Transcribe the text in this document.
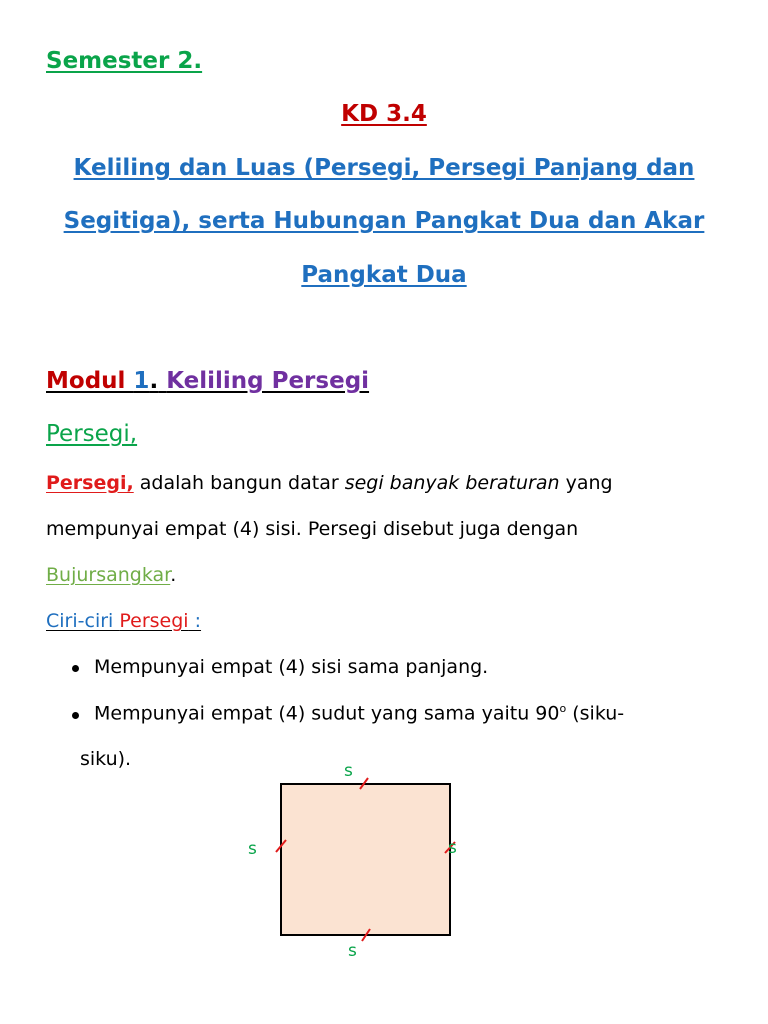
Semester 2.
KD 3.4
Keliling dan Luas (Persegi, Persegi Panjang dan
Segitiga), serta Hubungan Pangkat Dua dan Akar
Pangkat Dua
Modul 1. Keliling Persegi
Persegi,
Persegi, adalah bangun datar segi banyak beraturan yang
mempunyai empat (4) sisi. Persegi disebut juga dengan
Bujursangkar.
Ciri-ciri Persegi :
Mempunyai empat (4) sisi sama panjang.
Mempunyai empat (4) sudut yang sama yaitu 90$^o$ (siku-
siku).
s
s	s
s
